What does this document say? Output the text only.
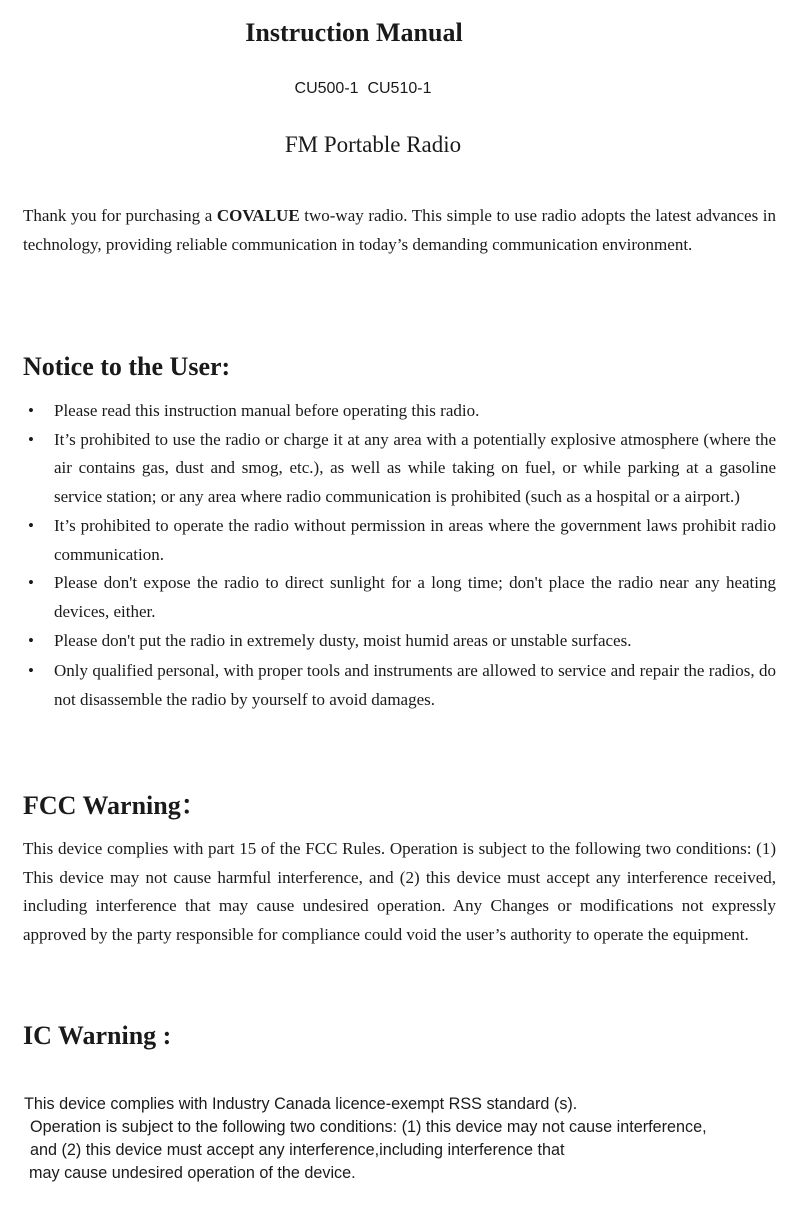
Instruction Manual
CU500-1  CU510-1
FM Portable Radio

Thank you for purchasing a COVALUE two-way radio. This simple to use radio adopts the latest advances in technology, providing reliable communication in today’s demanding communication environment.

Notice to the User:
• Please read this instruction manual before operating this radio.
• It’s prohibited to use the radio or charge it at any area with a potentially explosive atmosphere (where the air contains gas, dust and smog, etc.), as well as while taking on fuel, or while parking at a gasoline service station; or any area where radio communication is prohibited (such as a hospital or a airport.)
• It’s prohibited to operate the radio without permission in areas where the government laws prohibit radio communication.
• Please don't expose the radio to direct sunlight for a long time; don't place the radio near any heating devices, either.
• Please don't put the radio in extremely dusty, moist humid areas or unstable surfaces.
• Only qualified personal, with proper tools and instruments are allowed to service and repair the radios, do not disassemble the radio by yourself to avoid damages.
FCC Warning：

This device complies with part 15 of the FCC Rules. Operation is subject to the following two conditions: (1) This device may not cause harmful interference, and (2) this device must accept any interference received, including interference that may cause undesired operation. Any Changes or modifications not expressly approved by the party responsible for compliance could void the user’s authority to operate the equipment.

IC Warning :
This device complies with Industry Canada licence-exempt RSS standard (s).
Operation is subject to the following two conditions: (1) this device may not cause interference,
and (2) this device must accept any interference,including interference that
may cause undesired operation of the device.
